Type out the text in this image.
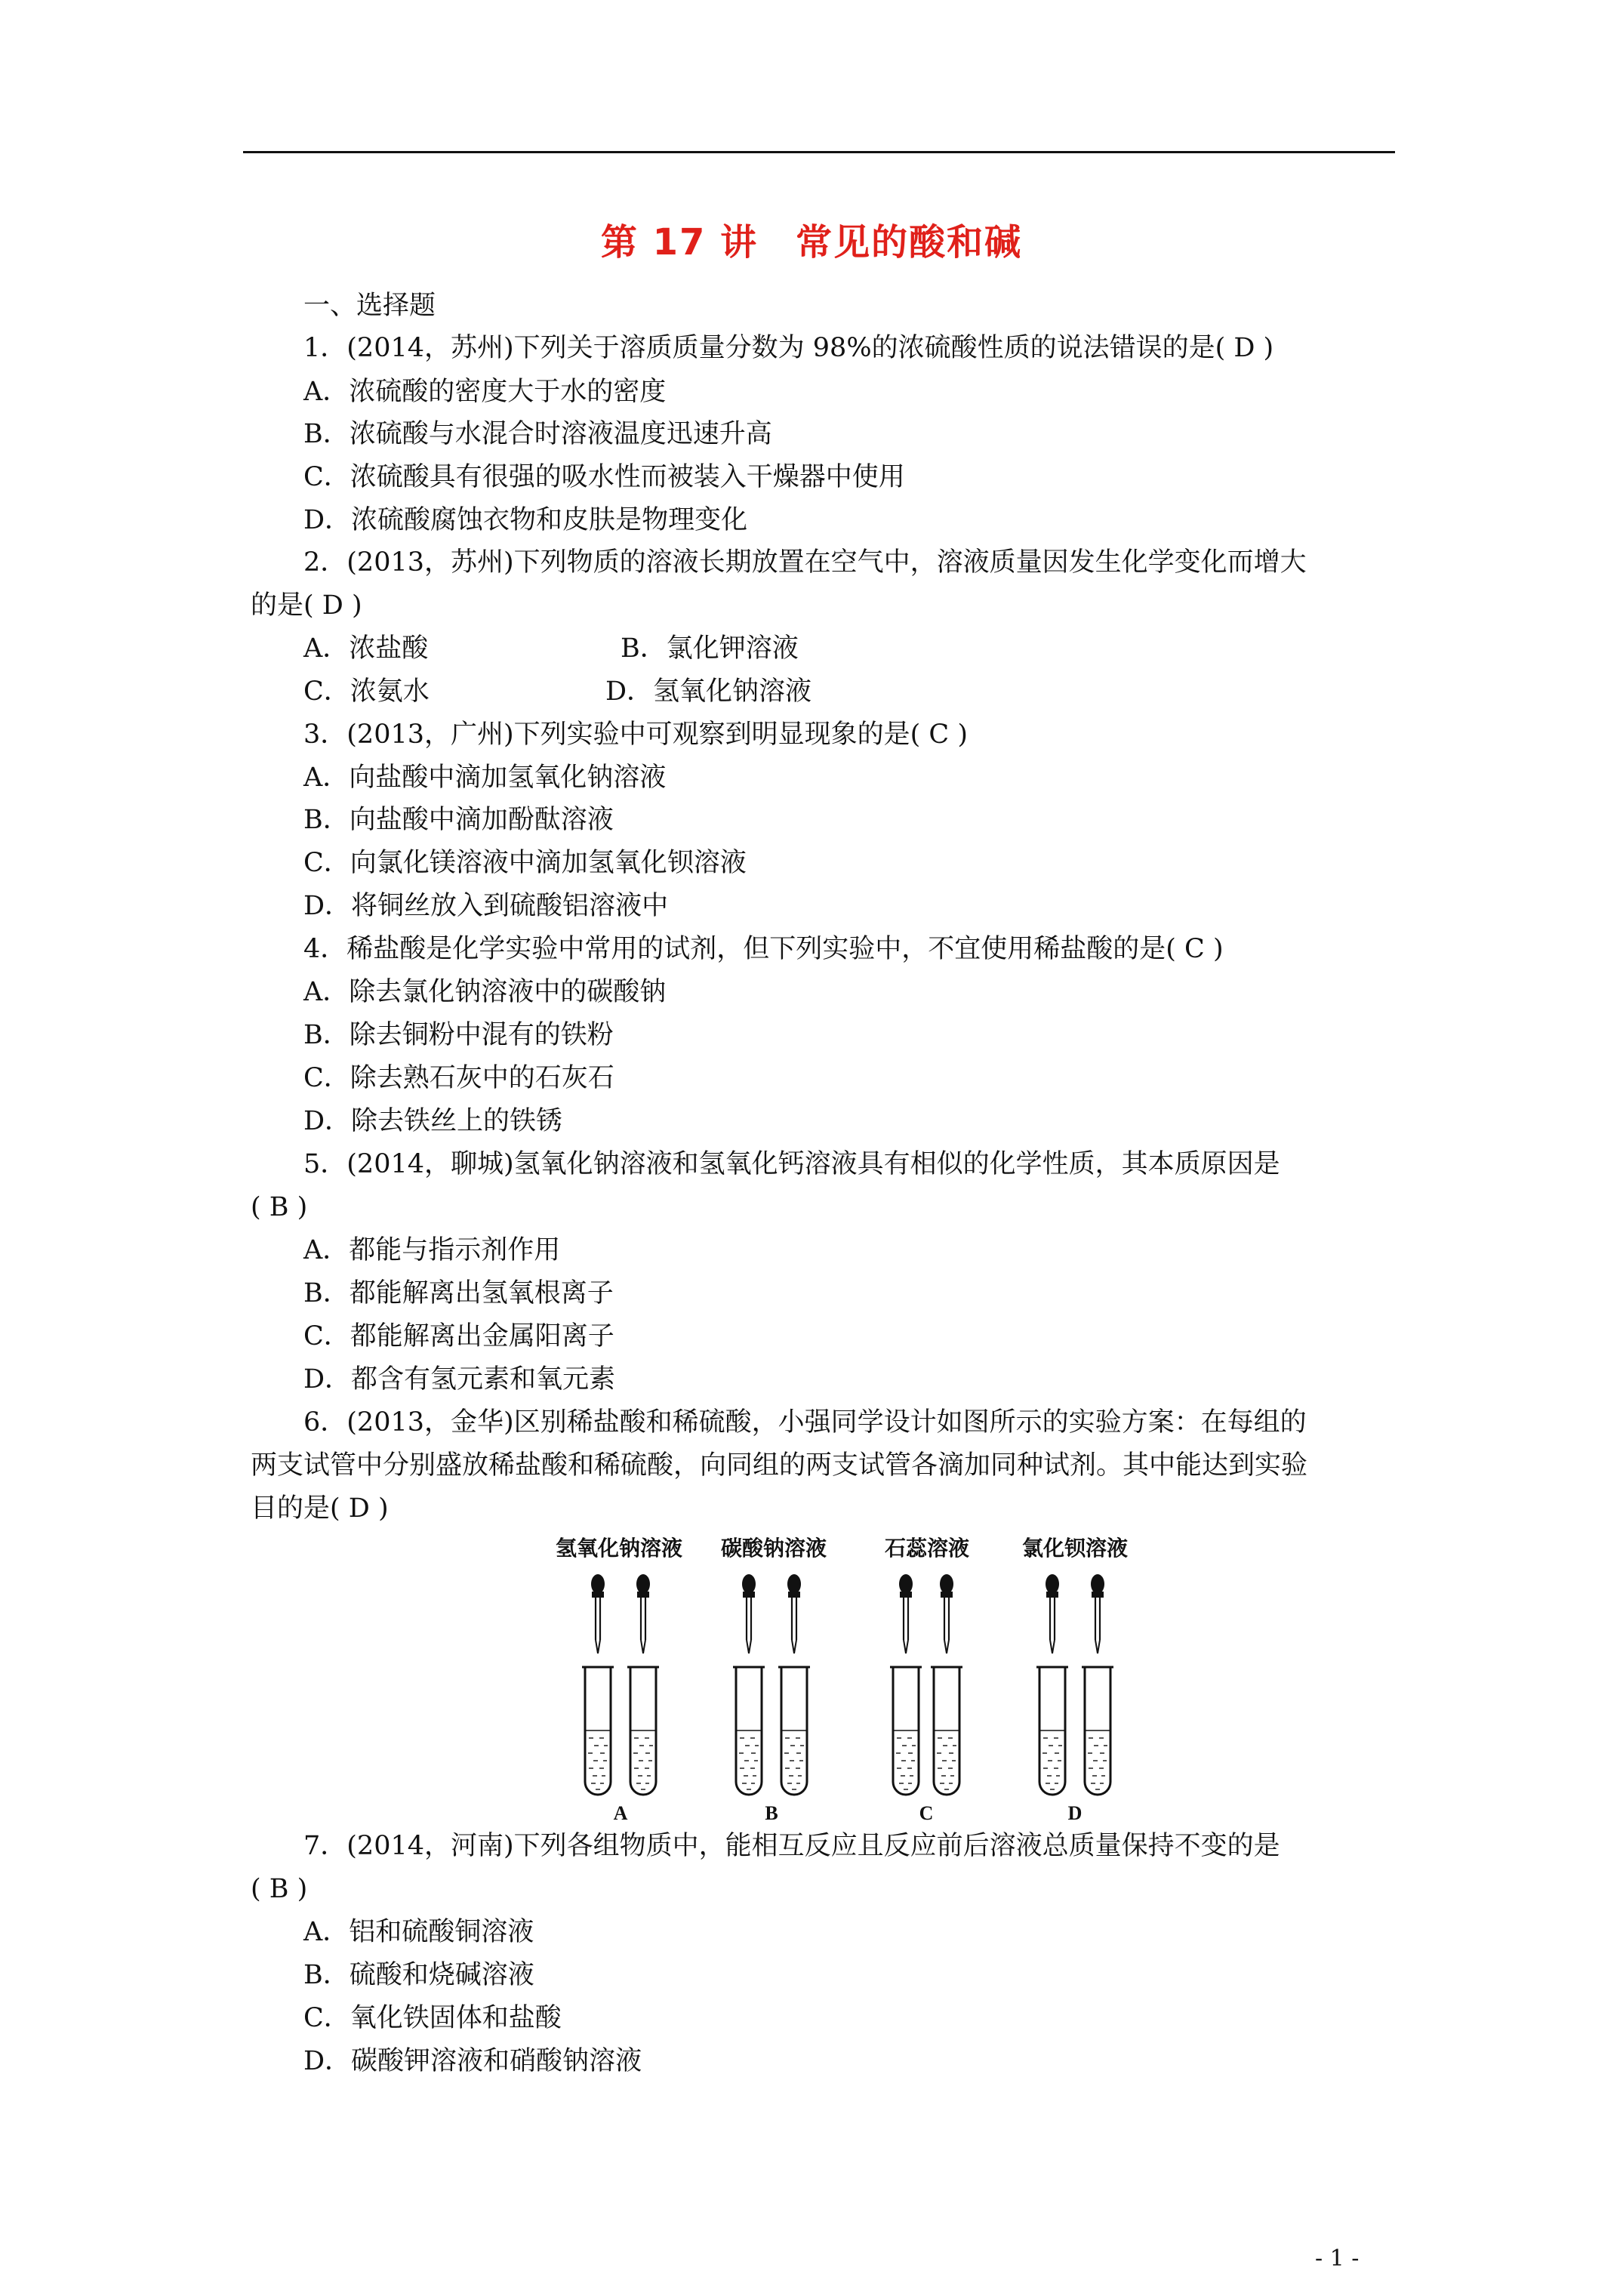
第 17 讲　常见的酸和碱
一、选择题
1．(2014，苏州)下列关于溶质质量分数为 98%的浓硫酸性质的说法错误的是( D )
A．浓硫酸的密度大于水的密度
B．浓硫酸与水混合时溶液温度迅速升高
C．浓硫酸具有很强的吸水性而被装入干燥器中使用
D．浓硫酸腐蚀衣物和皮肤是物理变化
2．(2013，苏州)下列物质的溶液长期放置在空气中，溶液质量因发生化学变化而增大
的是( D )
A．浓盐酸	B．氯化钾溶液
C．浓氨水	D．氢氧化钠溶液
3．(2013，广州)下列实验中可观察到明显现象的是( C )
A．向盐酸中滴加氢氧化钠溶液
B．向盐酸中滴加酚酞溶液
C．向氯化镁溶液中滴加氢氧化钡溶液
D．将铜丝放入到硫酸铝溶液中
4．稀盐酸是化学实验中常用的试剂，但下列实验中，不宜使用稀盐酸的是( C )
A．除去氯化钠溶液中的碳酸钠
B．除去铜粉中混有的铁粉
C．除去熟石灰中的石灰石
D．除去铁丝上的铁锈
5．(2014，聊城)氢氧化钠溶液和氢氧化钙溶液具有相似的化学性质，其本质原因是
( B )
A．都能与指示剂作用
B．都能解离出氢氧根离子
C．都能解离出金属阳离子
D．都含有氢元素和氧元素
6．(2013，金华)区别稀盐酸和稀硫酸，小强同学设计如图所示的实验方案：在每组的
两支试管中分别盛放稀盐酸和稀硫酸，向同组的两支试管各滴加同种试剂。其中能达到实验
目的是( D )
氢氧化钠溶液 碳酸钠溶液	石蕊溶液 氯化钡溶液
A	B	C	D
7．(2014，河南)下列各组物质中，能相互反应且反应前后溶液总质量保持不变的是
( B )
A．铝和硫酸铜溶液
B．硫酸和烧碱溶液
C．氧化铁固体和盐酸
D．碳酸钾溶液和硝酸钠溶液
- 1 -
